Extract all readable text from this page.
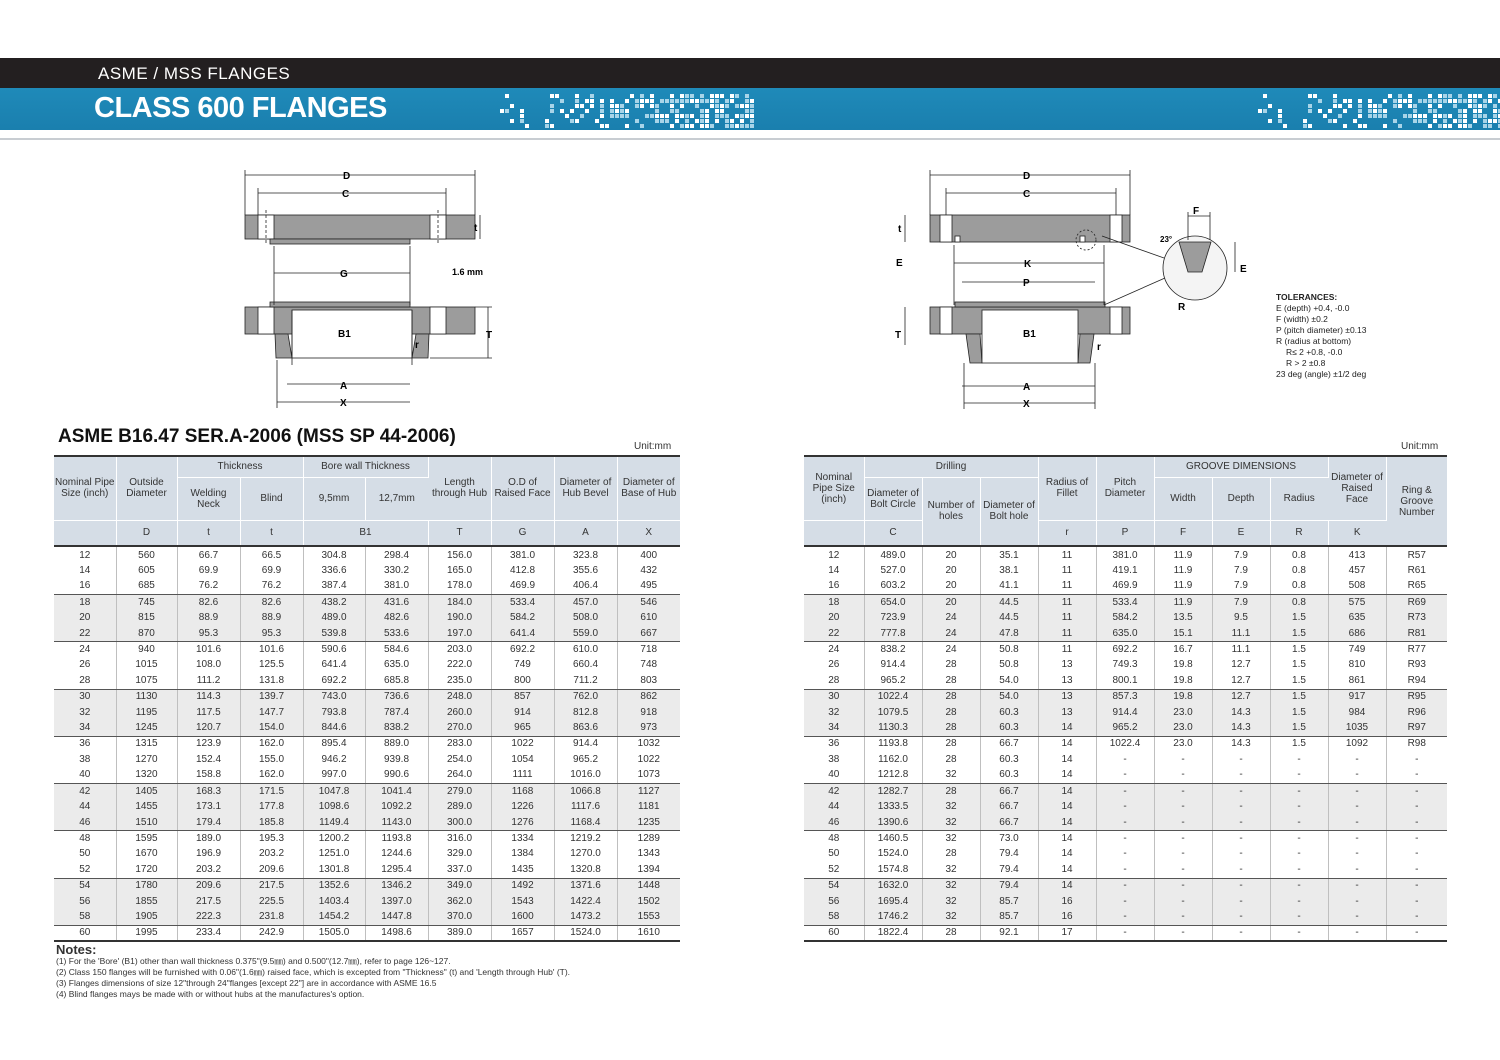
ASME / MSS FLANGES
CLASS 600 FLANGES
D
C
t
G	1.6 mm
B1
r
T
A
X
D
C
t
E	K
P
B1
r
T
A
X
F
E
R
23°
TOLERANCES:
E (depth) +0.4, -0.0
F (width) ±0.2
P (pitch diameter) ±0.13
R (radius at bottom)
R≤ 2 +0.8, -0.0
R > 2 ±0.8
23 deg (angle) ±1/2 deg
ASME B16.47 SER.A-2006 (MSS SP 44-2006)	Unit:mm	Unit:mm
Nominal Pipe Size (inch)	Outside Diameter	Thickness		Bore wall Thickness		Length through Hub	O.D of Raised Face	Diameter of Hub Bevel	Diameter of Base of Hub
		Welding Neck	Blind	9,5mm	12,7mm				
	D	t	t	B1		T	G	A	X
12	560	66.7	66.5	304.8	298.4	156.0	381.0	323.8	400
14	605	69.9	69.9	336.6	330.2	165.0	412.8	355.6	432
16	685	76.2	76.2	387.4	381.0	178.0	469.9	406.4	495
18	745	82.6	82.6	438.2	431.6	184.0	533.4	457.0	546
20	815	88.9	88.9	489.0	482.6	190.0	584.2	508.0	610
22	870	95.3	95.3	539.8	533.6	197.0	641.4	559.0	667
24	940	101.6	101.6	590.6	584.6	203.0	692.2	610.0	718
26	1015	108.0	125.5	641.4	635.0	222.0	749	660.4	748
28	1075	111.2	131.8	692.2	685.8	235.0	800	711.2	803
30	1130	114.3	139.7	743.0	736.6	248.0	857	762.0	862
32	1195	117.5	147.7	793.8	787.4	260.0	914	812.8	918
34	1245	120.7	154.0	844.6	838.2	270.0	965	863.6	973
36	1315	123.9	162.0	895.4	889.0	283.0	1022	914.4	1032
38	1270	152.4	155.0	946.2	939.8	254.0	1054	965.2	1022
40	1320	158.8	162.0	997.0	990.6	264.0	1111	1016.0	1073
42	1405	168.3	171.5	1047.8	1041.4	279.0	1168	1066.8	1127
44	1455	173.1	177.8	1098.6	1092.2	289.0	1226	1117.6	1181
46	1510	179.4	185.8	1149.4	1143.0	300.0	1276	1168.4	1235
48	1595	189.0	195.3	1200.2	1193.8	316.0	1334	1219.2	1289
50	1670	196.9	203.2	1251.0	1244.6	329.0	1384	1270.0	1343
52	1720	203.2	209.6	1301.8	1295.4	337.0	1435	1320.8	1394
54	1780	209.6	217.5	1352.6	1346.2	349.0	1492	1371.6	1448
56	1855	217.5	225.5	1403.4	1397.0	362.0	1543	1422.4	1502
58	1905	222.3	231.8	1454.2	1447.8	370.0	1600	1473.2	1553
60	1995	233.4	242.9	1505.0	1498.6	389.0	1657	1524.0	1610
Nominal Pipe Size (inch)	Drilling			Radius of Fillet	Pitch Diameter	GROOVE DIMENSIONS			Diameter of Raised Face	Ring & Groove Number
	Diameter of Bolt Circle	Number of holes	Diameter of Bolt hole			Width	Depth	Radius		
	C			r	P	F	E	R	K	
12	489.0	20	35.1	11	381.0	11.9	7.9	0.8	413	R57
14	527.0	20	38.1	11	419.1	11.9	7.9	0.8	457	R61
16	603.2	20	41.1	11	469.9	11.9	7.9	0.8	508	R65
18	654.0	20	44.5	11	533.4	11.9	7.9	0.8	575	R69
20	723.9	24	44.5	11	584.2	13.5	9.5	1.5	635	R73
22	777.8	24	47.8	11	635.0	15.1	11.1	1.5	686	R81
24	838.2	24	50.8	11	692.2	16.7	11.1	1.5	749	R77
26	914.4	28	50.8	13	749.3	19.8	12.7	1.5	810	R93
28	965.2	28	54.0	13	800.1	19.8	12.7	1.5	861	R94
30	1022.4	28	54.0	13	857.3	19.8	12.7	1.5	917	R95
32	1079.5	28	60.3	13	914.4	23.0	14.3	1.5	984	R96
34	1130.3	28	60.3	14	965.2	23.0	14.3	1.5	1035	R97
36	1193.8	28	66.7	14	1022.4	23.0	14.3	1.5	1092	R98
38	1162.0	28	60.3	14	-	-	-	-	-	-
40	1212.8	32	60.3	14	-	-	-	-	-	-
42	1282.7	28	66.7	14	-	-	-	-	-	-
44	1333.5	32	66.7	14	-	-	-	-	-	-
46	1390.6	32	66.7	14	-	-	-	-	-	-
48	1460.5	32	73.0	14	-	-	-	-	-	-
50	1524.0	28	79.4	14	-	-	-	-	-	-
52	1574.8	32	79.4	14	-	-	-	-	-	-
54	1632.0	32	79.4	14	-	-	-	-	-	-
56	1695.4	32	85.7	16	-	-	-	-	-	-
58	1746.2	32	85.7	16	-	-	-	-	-	-
60	1822.4	28	92.1	17	-	-	-	-	-	-
Notes:
(1) For the 'Bore' (B1) other than wall thickness 0.375"(9.5㎜) and 0.500"(12.7㎜), refer to page 126~127.
(2) Class 150 flanges will be furnished with 0.06"(1.6㎜) raised face, which is excepted from "Thickness" (t) and 'Length through Hub' (T).
(3) Flanges dimensions of size 12"through 24"flanges [except 22"] are in accordance with ASME 16.5
(4) Blind flanges mays be made with or without hubs at the manufactures's option.
